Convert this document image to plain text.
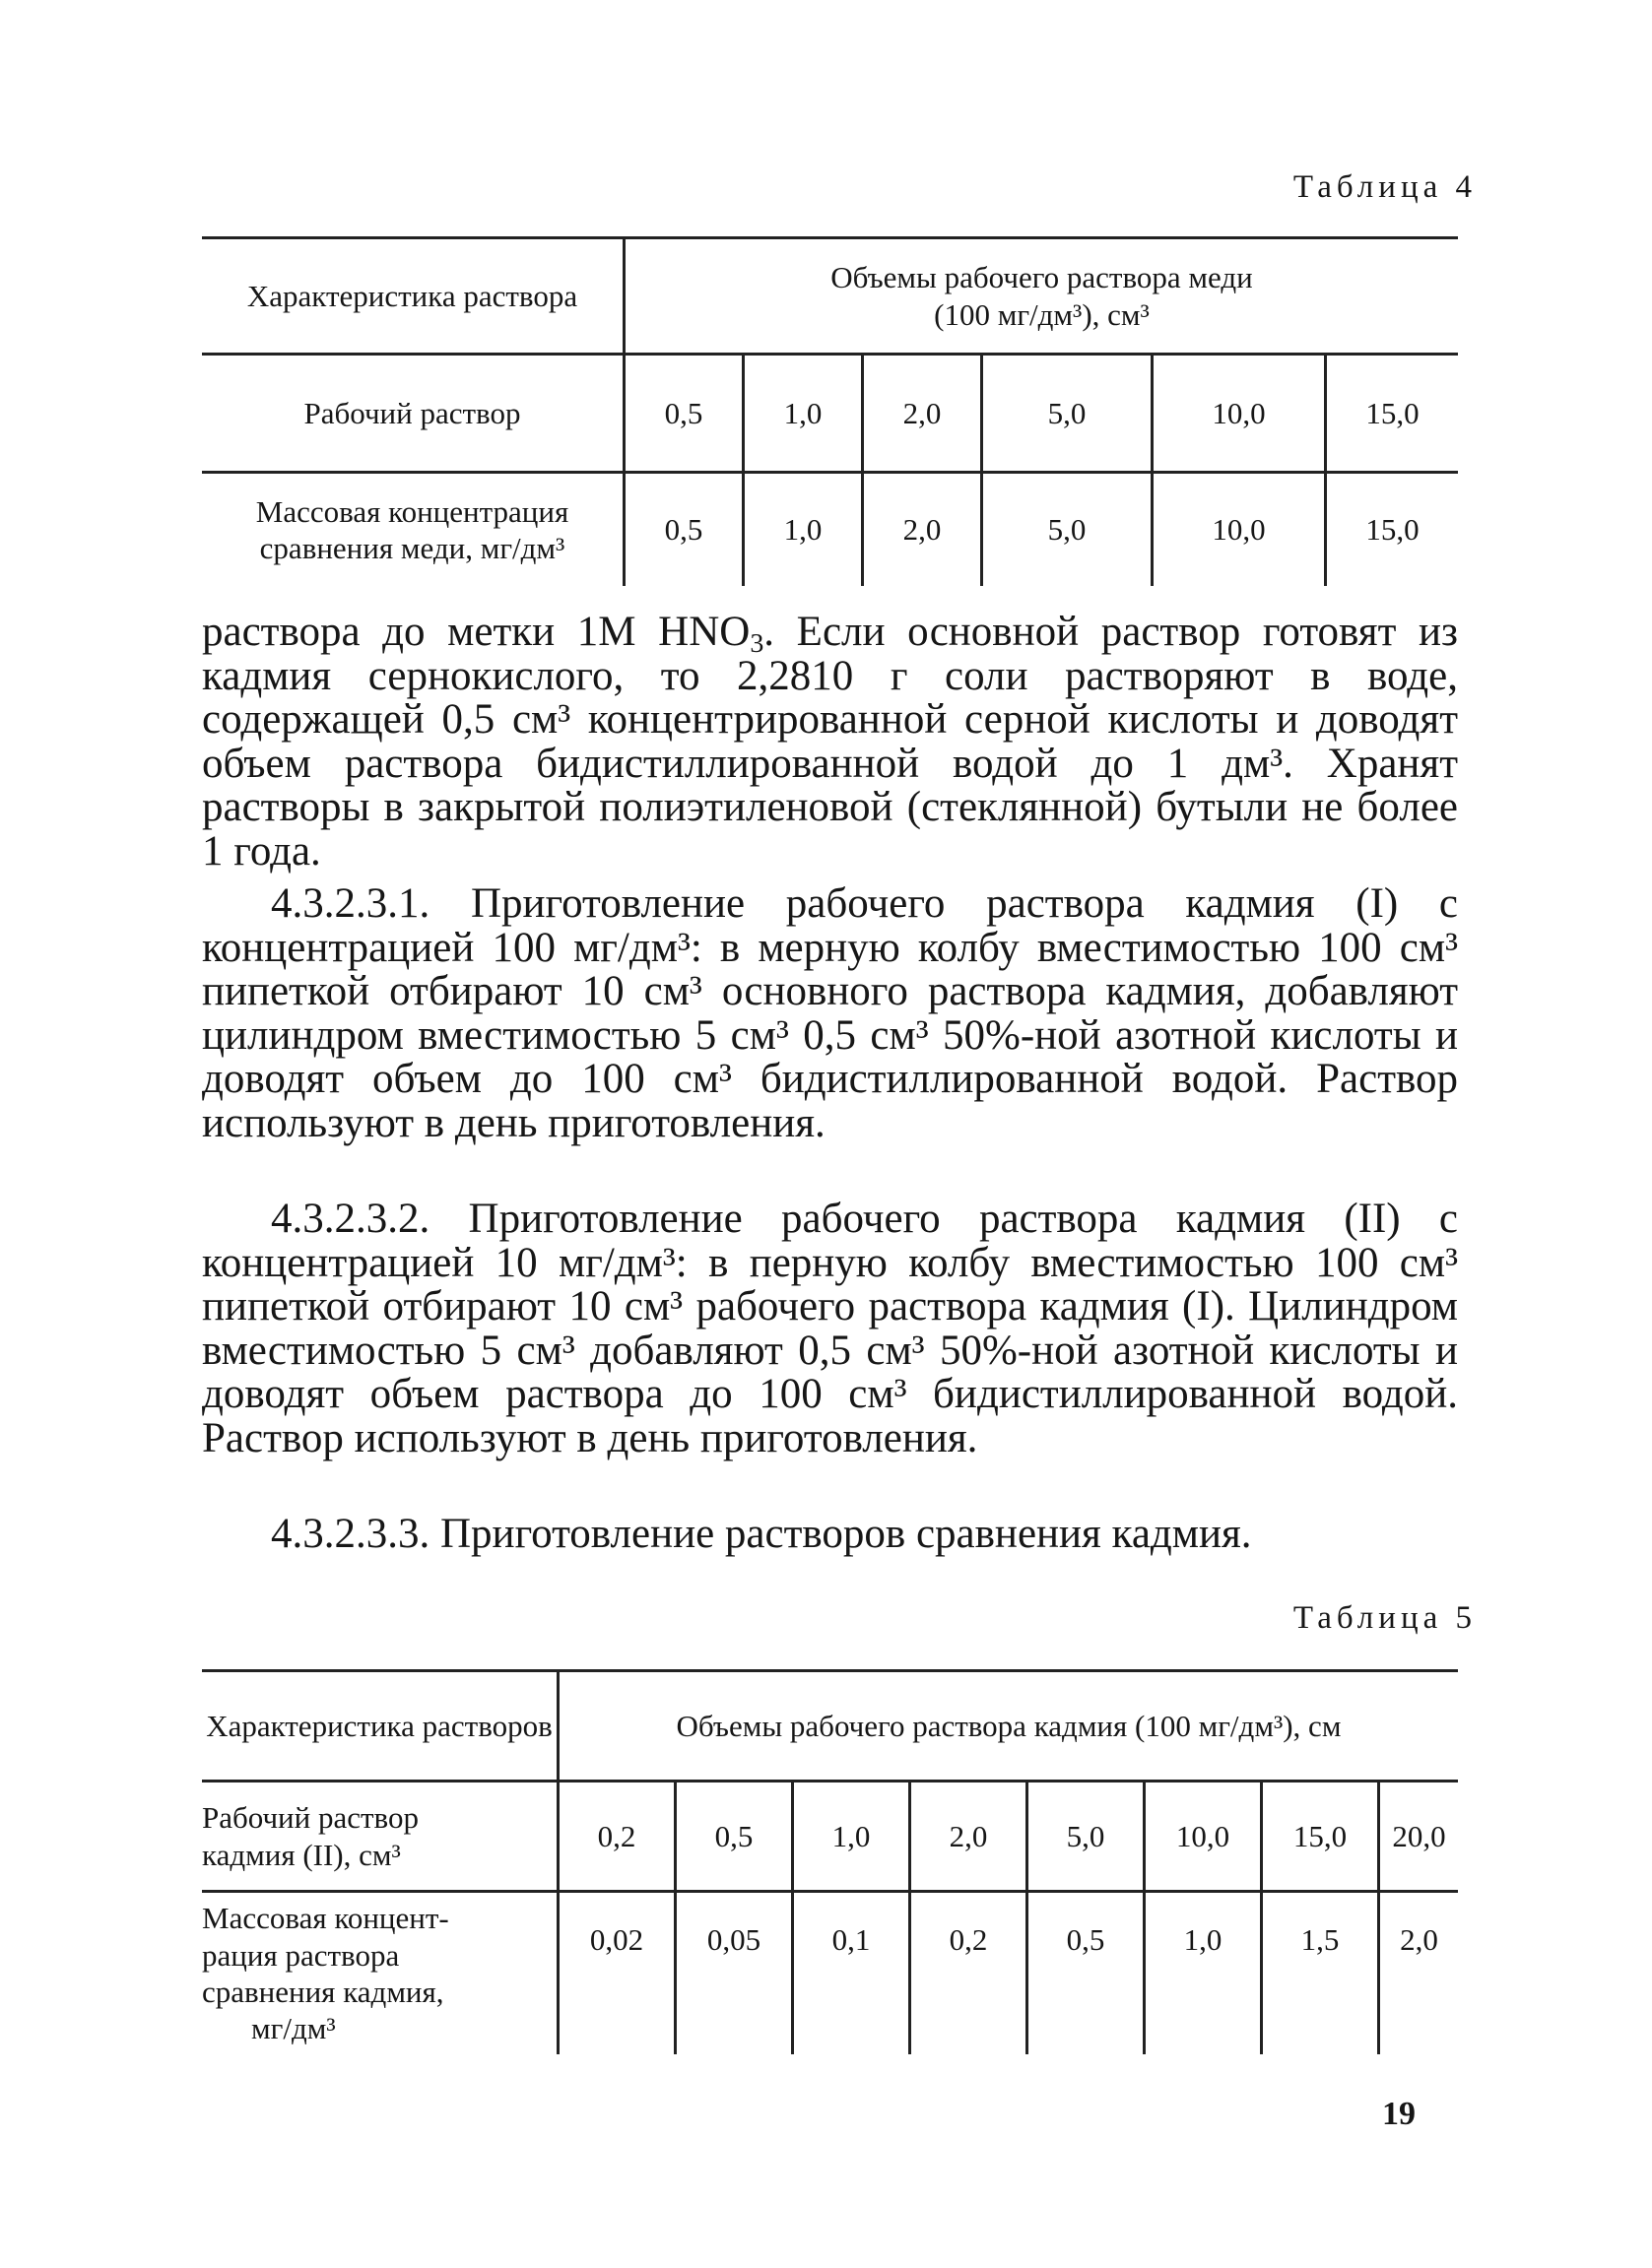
Таблица 4
Характеристика раствора	Объемы рабочего раствора меди
(100 мг/дм³), см³					

Рабочий раствор	0,5	1,0	2,0	5,0	10,0	15,0

Массовая концентрация
сравнения меди, мг/дм³	0,5	1,0	2,0	5,0	10,0	15,0

раствора до метки 1М $HNO_3$. Если основной раствор готовят из кадмия сернокислого, то 2,2810 г соли растворяют в воде, содержащей 0,5 см³ концентрированной серной кислоты и доводят объем раствора бидистиллированной водой до 1 дм³. Хранят растворы в закрытой полиэтиленовой (стеклянной) бутыли не более 1 года.

4.3.2.3.1. Приготовление рабочего раствора кадмия (I) с концентрацией 100 мг/дм³: в мерную колбу вместимостью 100 см³ пипеткой отбирают 10 см³ основного раствора кадмия, добавляют цилиндром вместимостью 5 см³ 0,5 см³ 50%-ной азотной кислоты и доводят объем до 100 см³ бидистиллированной водой. Раствор используют в день приготовления.

4.3.2.3.2. Приготовление рабочего раствора кадмия (II) с концентрацией 10 мг/дм³: в перную колбу вместимостью 100 см³ пипеткой отбирают 10 см³ рабочего раствора кадмия (I). Цилиндром вместимостью 5 см³ добавляют 0,5 см³ 50%-ной азотной кислоты и доводят объем раствора до 100 см³ бидистиллированной водой. Раствор используют в день приготовления.

4.3.2.3.3. Приготовление растворов сравнения кадмия.

Таблица 5
Характеристика растворов	Объемы рабочего раствора кадмия (100 мг/дм³), см							

Рабочий раствор
кадмия (II), см³	0,2	0,5	1,0	2,0	5,0	10,0	15,0	20,0

Массовая концент-
рация раствора
сравнения кадмия,
мг/дм³	0,02	0,05	0,1	0,2	0,5	1,0	1,5	2,0
19
